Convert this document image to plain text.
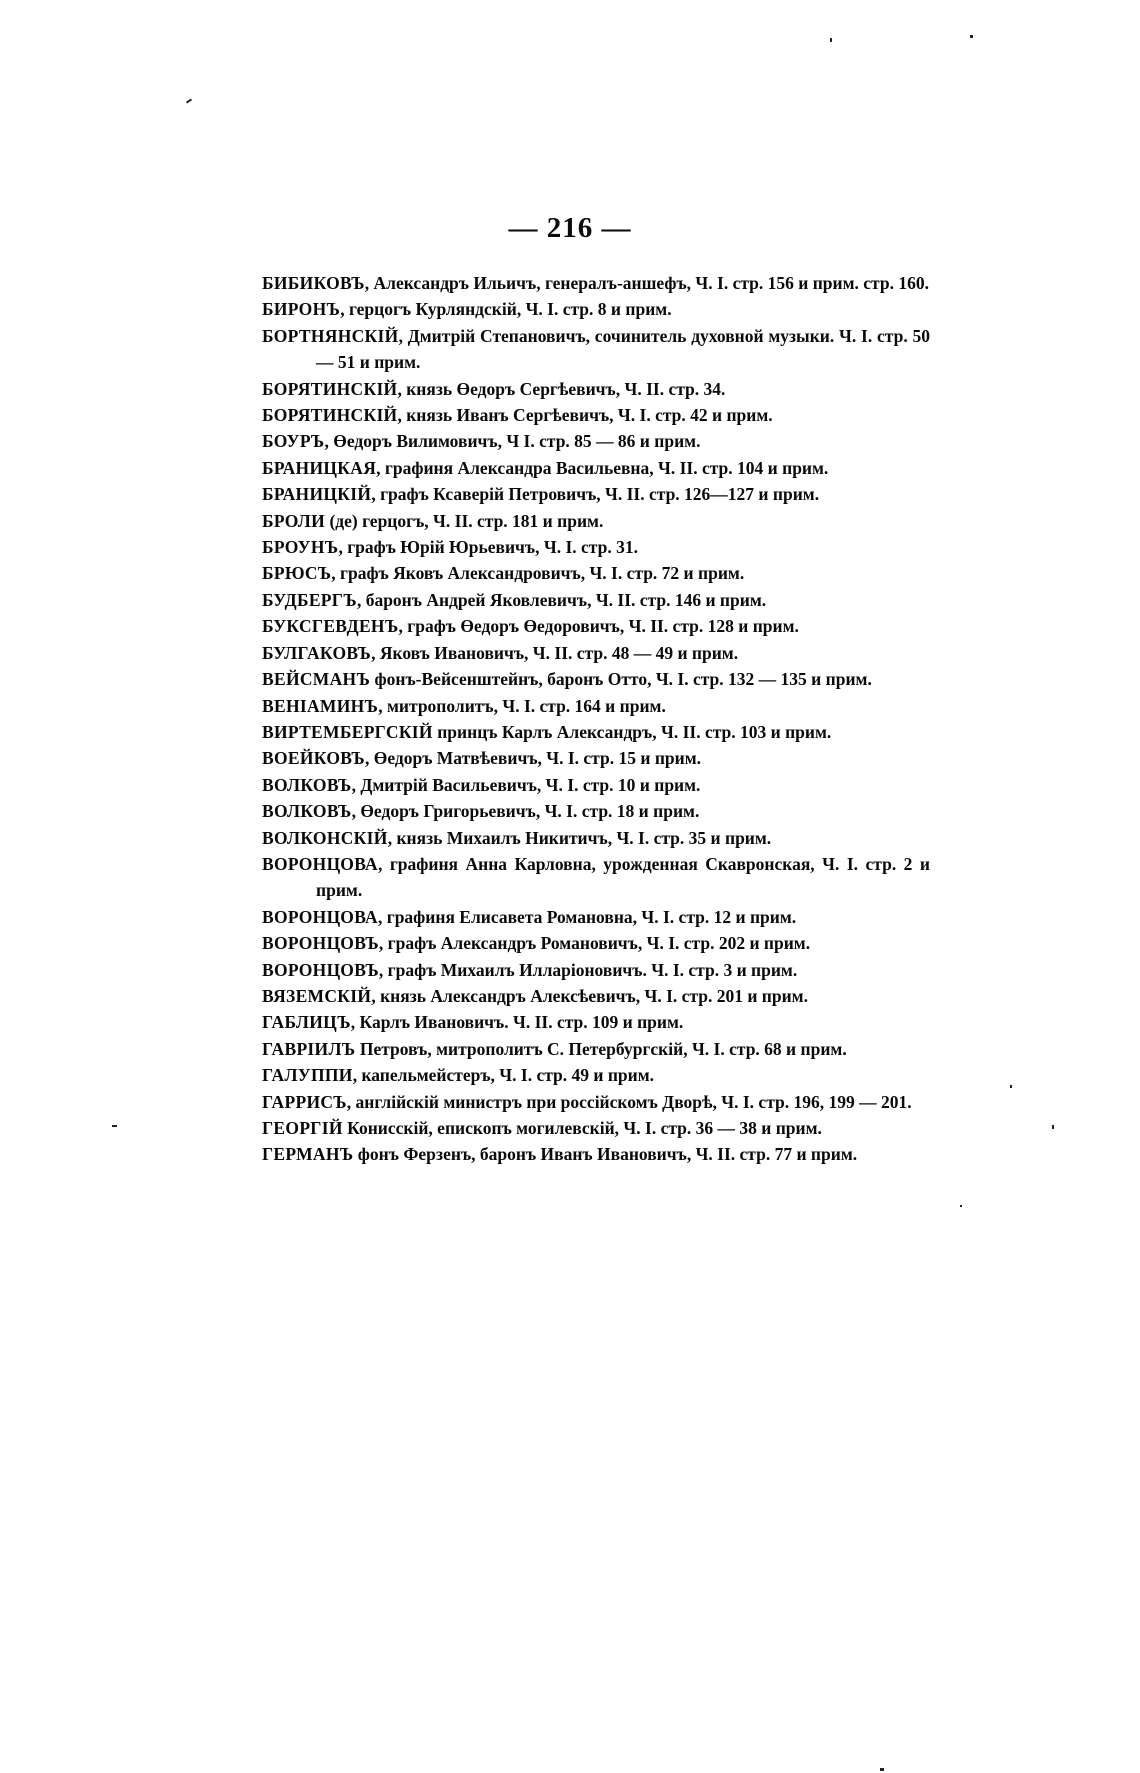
— 216 —

БИБИКОВЪ, Александръ Ильичъ, генералъ-аншефъ, Ч. I. стр. 156 и прим. стр. 160.

БИРОНЪ, герцогъ Курляндскій, Ч. I. стр. 8 и прим.

БОРТНЯНСКІЙ, Дмитрій Степановичъ, сочинитель духовной музыки. Ч. I. стр. 50 — 51 и прим.

БОРЯТИНСКІЙ, князь Өедоръ Сергѣевичъ, Ч. II. стр. 34.

БОРЯТИНСКІЙ, князь Иванъ Сергѣевичъ, Ч. I. стр. 42 и прим.

БОУРЪ, Өедоръ Вилимовичъ, Ч I. стр. 85 — 86 и прим.

БРАНИЦКАЯ, графиня Александра Васильевна, Ч. II. стр. 104 и прим.

БРАНИЦКІЙ, графъ Ксаверій Петровичъ, Ч. II. стр. 126—127 и прим.

БРОЛИ (де) герцогъ, Ч. II. стр. 181 и прим.

БРОУНЪ, графъ Юрій Юрьевичъ, Ч. I. стр. 31.

БРЮСЪ, графъ Яковъ Александровичъ, Ч. I. стр. 72 и прим.

БУДБЕРГЪ, баронъ Андрей Яковлевичъ, Ч. II. стр. 146 и прим.

БУКСГЕВДЕНЪ, графъ Өедоръ Өедоровичъ, Ч. II. стр. 128 и прим.

БУЛГАКОВЪ, Яковъ Ивановичъ, Ч. II. стр. 48 — 49 и прим.

ВЕЙСМАНЪ фонъ-Вейсенштейнъ, баронъ Отто, Ч. I. стр. 132 — 135 и прим.

ВЕНІАМИНЪ, митрополитъ, Ч. I. стр. 164 и прим.

ВИРТЕМБЕРГСКІЙ принцъ Карлъ Александръ, Ч. II. стр. 103 и прим.

ВОЕЙКОВЪ, Өедоръ Матвѣевичъ, Ч. I. стр. 15 и прим.

ВОЛКОВЪ, Дмитрій Васильевичъ, Ч. I. стр. 10 и прим.

ВОЛКОВЪ, Өедоръ Григорьевичъ, Ч. I. стр. 18 и прим.

ВОЛКОНСКІЙ, князь Михаилъ Никитичъ, Ч. I. стр. 35 и прим.

ВОРОНЦОВА, графиня Анна Карловна, урожденная Скавронская, Ч. I. стр. 2 и прим.

ВОРОНЦОВА, графиня Елисавета Романовна, Ч. I. стр. 12 и прим.

ВОРОНЦОВЪ, графъ Александръ Романовичъ, Ч. I. стр. 202 и прим.

ВОРОНЦОВЪ, графъ Михаилъ Илларіоновичъ. Ч. I. стр. 3 и прим.

ВЯЗЕМСКІЙ, князь Александръ Алексѣевичъ, Ч. I. стр. 201 и прим.

ГАБЛИЦЪ, Карлъ Ивановичъ. Ч. II. стр. 109 и прим.

ГАВРІИЛЪ Петровъ, митрополитъ С. Петербургскій, Ч. I. стр. 68 и прим.

ГАЛУППИ, капельмейстеръ, Ч. I. стр. 49 и прим.

ГАРРИСЪ, англійскій министръ при россійскомъ Дворѣ, Ч. I. стр. 196, 199 — 201.

ГЕОРГІЙ Конисскій, епископъ могилевскій, Ч. I. стр. 36 — 38 и прим.

ГЕРМАНЪ фонъ Ферзенъ, баронъ Иванъ Ивановичъ, Ч. II. стр. 77 и прим.
